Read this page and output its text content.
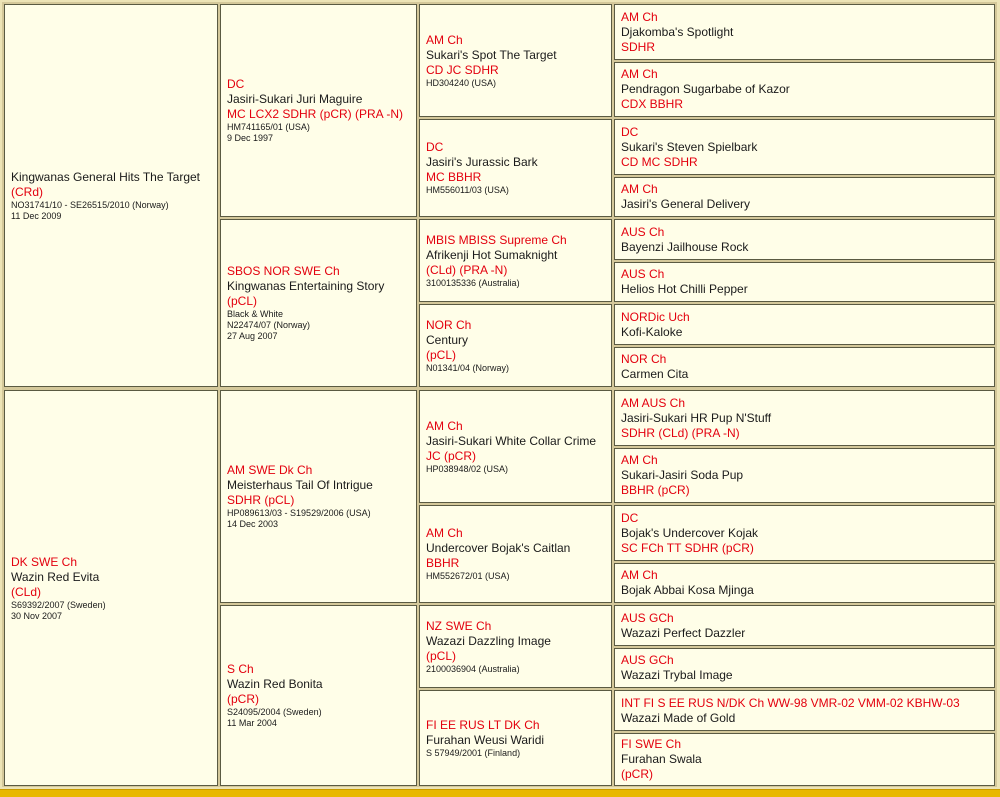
Kingwanas General Hits The Target
(CRd)
NO31741/10 - SE26515/2010 (Norway)
11 Dec 2009
DK SWE Ch
Wazin Red Evita
(CLd)
S69392/2007 (Sweden)
30 Nov 2007
DC
Jasiri-Sukari Juri Maguire
MC LCX2 SDHR (pCR) (PRA -N)
HM741165/01 (USA)
9 Dec 1997
SBOS NOR SWE Ch
Kingwanas Entertaining Story
(pCL)
Black & White
N22474/07 (Norway)
27 Aug 2007
AM SWE Dk Ch
Meisterhaus Tail Of Intrigue
SDHR (pCL)
HP089613/03 - S19529/2006 (USA)
14 Dec 2003
S Ch
Wazin Red Bonita
(pCR)
S24095/2004 (Sweden)
11 Mar 2004
AM Ch
Sukari's Spot The Target
CD JC SDHR
HD304240 (USA)
DC
Jasiri's Jurassic Bark
MC BBHR
HM556011/03 (USA)
MBIS MBISS Supreme Ch
Afrikenji Hot Sumaknight
(CLd) (PRA -N)
3100135336 (Australia)
NOR Ch
Century
(pCL)
N01341/04 (Norway)
AM Ch
Jasiri-Sukari White Collar Crime
JC (pCR)
HP038948/02 (USA)
AM Ch
Undercover Bojak's Caitlan
BBHR
HM552672/01 (USA)
NZ SWE Ch
Wazazi Dazzling Image
(pCL)
2100036904 (Australia)
FI EE RUS LT DK Ch
Furahan Weusi Waridi
S 57949/2001 (Finland)
AM Ch
Djakomba's Spotlight
SDHR
AM Ch
Pendragon Sugarbabe of Kazor
CDX BBHR
DC
Sukari's Steven Spielbark
CD MC SDHR
AM Ch
Jasiri's General Delivery
AUS Ch
Bayenzi Jailhouse Rock
AUS Ch
Helios Hot Chilli Pepper
NORDic Uch
Kofi-Kaloke
NOR Ch
Carmen Cita
AM AUS Ch
Jasiri-Sukari HR Pup N'Stuff
SDHR (CLd) (PRA -N)
AM Ch
Sukari-Jasiri Soda Pup
BBHR (pCR)
DC
Bojak's Undercover Kojak
SC FCh TT SDHR (pCR)
AM Ch
Bojak Abbai Kosa Mjinga
AUS GCh
Wazazi Perfect Dazzler
AUS GCh
Wazazi Trybal Image
INT FI S EE RUS N/DK Ch WW-98 VMR-02 VMM-02 KBHW-03
Wazazi Made of Gold
FI SWE Ch
Furahan Swala
(pCR)
